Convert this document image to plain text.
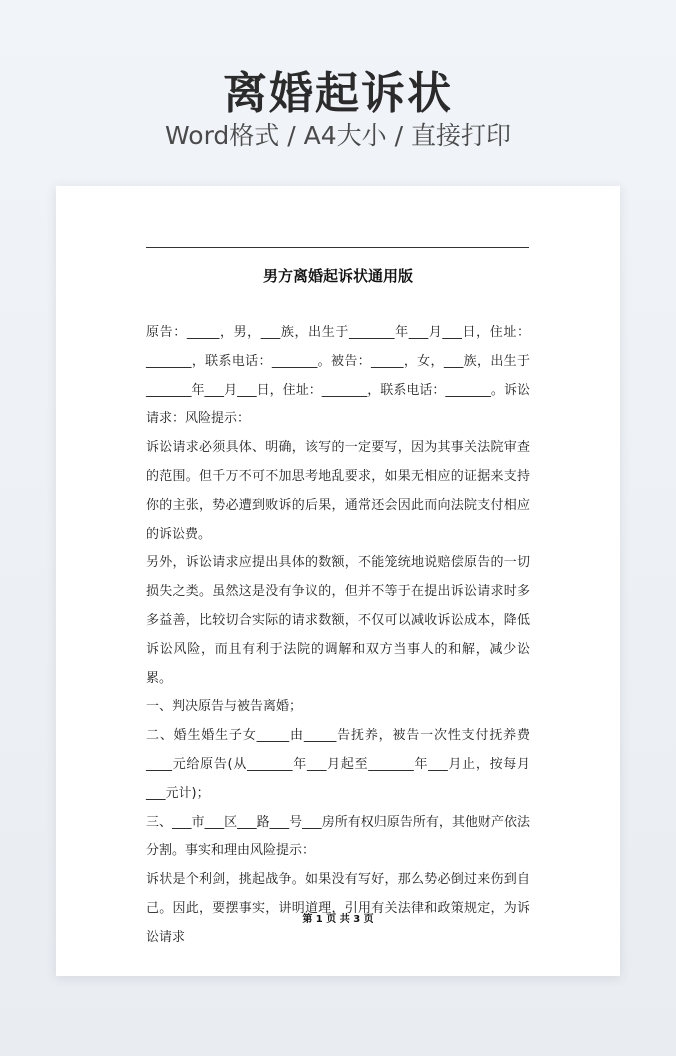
离婚起诉状
Word格式 / A4大小 / 直接打印
男方离婚起诉状通用版

原告：_____，男，___族，出生于_______年___月___日，住址：_______，联系电话：_______。被告：_____，女，___族，出生于_______年___月___日，住址：_______，联系电话：_______。诉讼请求：风险提示：

诉讼请求必须具体、明确，该写的一定要写，因为其事关法院审查的范围。但千万不可不加思考地乱要求，如果无相应的证据来支持你的主张，势必遭到败诉的后果，通常还会因此而向法院支付相应的诉讼费。

另外，诉讼请求应提出具体的数额，不能笼统地说赔偿原告的一切损失之类。虽然这是没有争议的，但并不等于在提出诉讼请求时多多益善，比较切合实际的请求数额，不仅可以减收诉讼成本，降低诉讼风险，而且有利于法院的调解和双方当事人的和解，减少讼累。

一、判决原告与被告离婚；

二、婚生婚生子女_____由_____告抚养，被告一次性支付抚养费____元给原告(从_______年___月起至_______年___月止，按每月___元计)；

三、___市___区___路___号___房所有权归原告所有，其他财产依法分割。事实和理由风险提示：

诉状是个利剑，挑起战争。如果没有写好，那么势必倒过来伤到自己。因此，要摆事实，讲明道理，引用有关法律和政策规定，为诉讼请求

第 1 页 共 3 页
